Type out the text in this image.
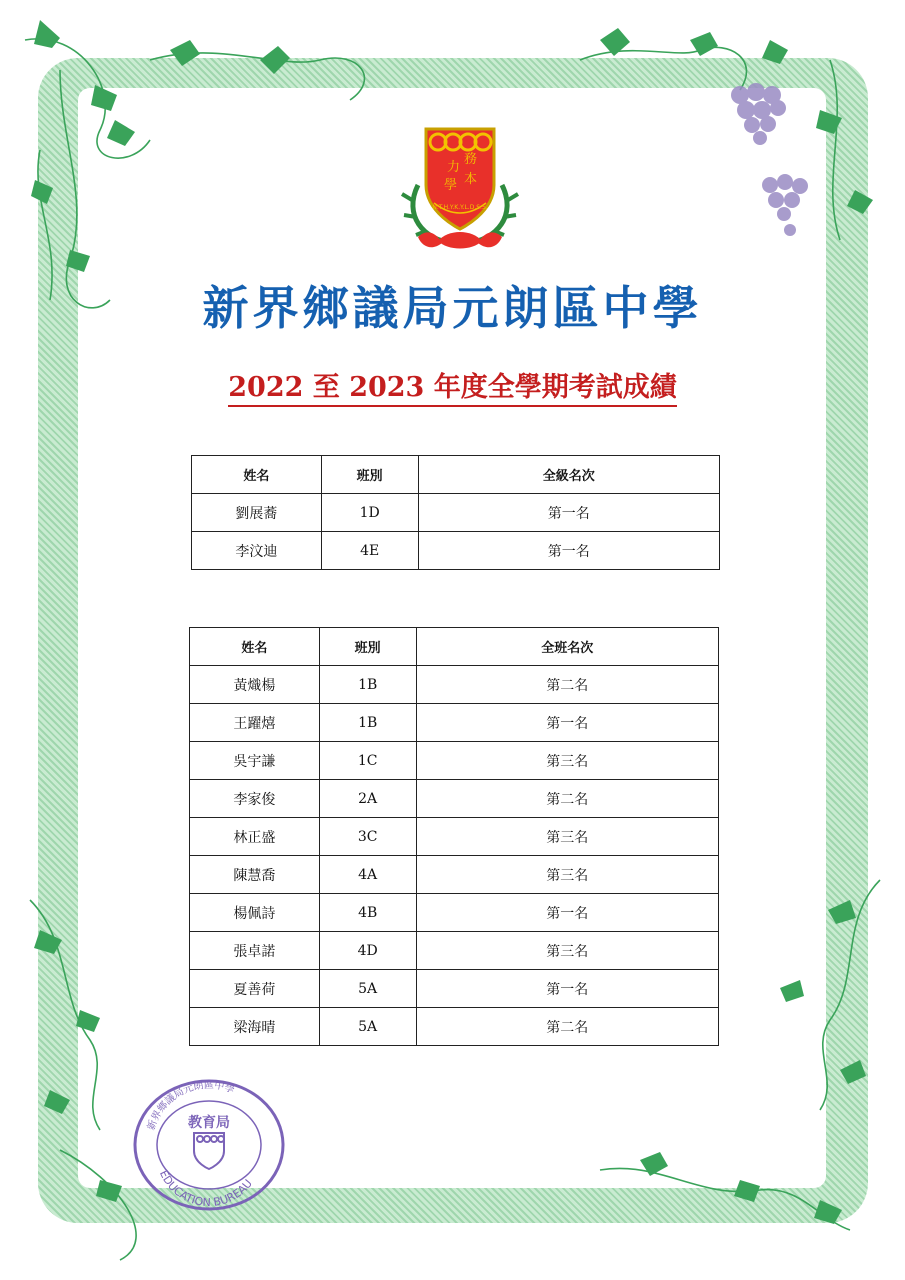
力
務
學 本
N.T.H.Y.K.Y.L.D.S.S.
新界鄉議局元朗區中學
2022 至 2023 年度全學期考試成績
姓名	班別	全級名次
劉展蕎	1D	第一名
李汶迪	4E	第一名
姓名	班別	全班名次
黃熾楊	1B	第二名
王躍熺	1B	第一名
吳宇謙	1C	第三名
李家俊	2A	第二名
林正盛	3C	第三名
陳慧喬	4A	第三名
楊佩詩	4B	第一名
張卓諾	4D	第三名
夏善荷	5A	第一名
梁海晴	5A	第二名
新界鄉議局元朗區中學
EDUCATION BUREAU
教育局
